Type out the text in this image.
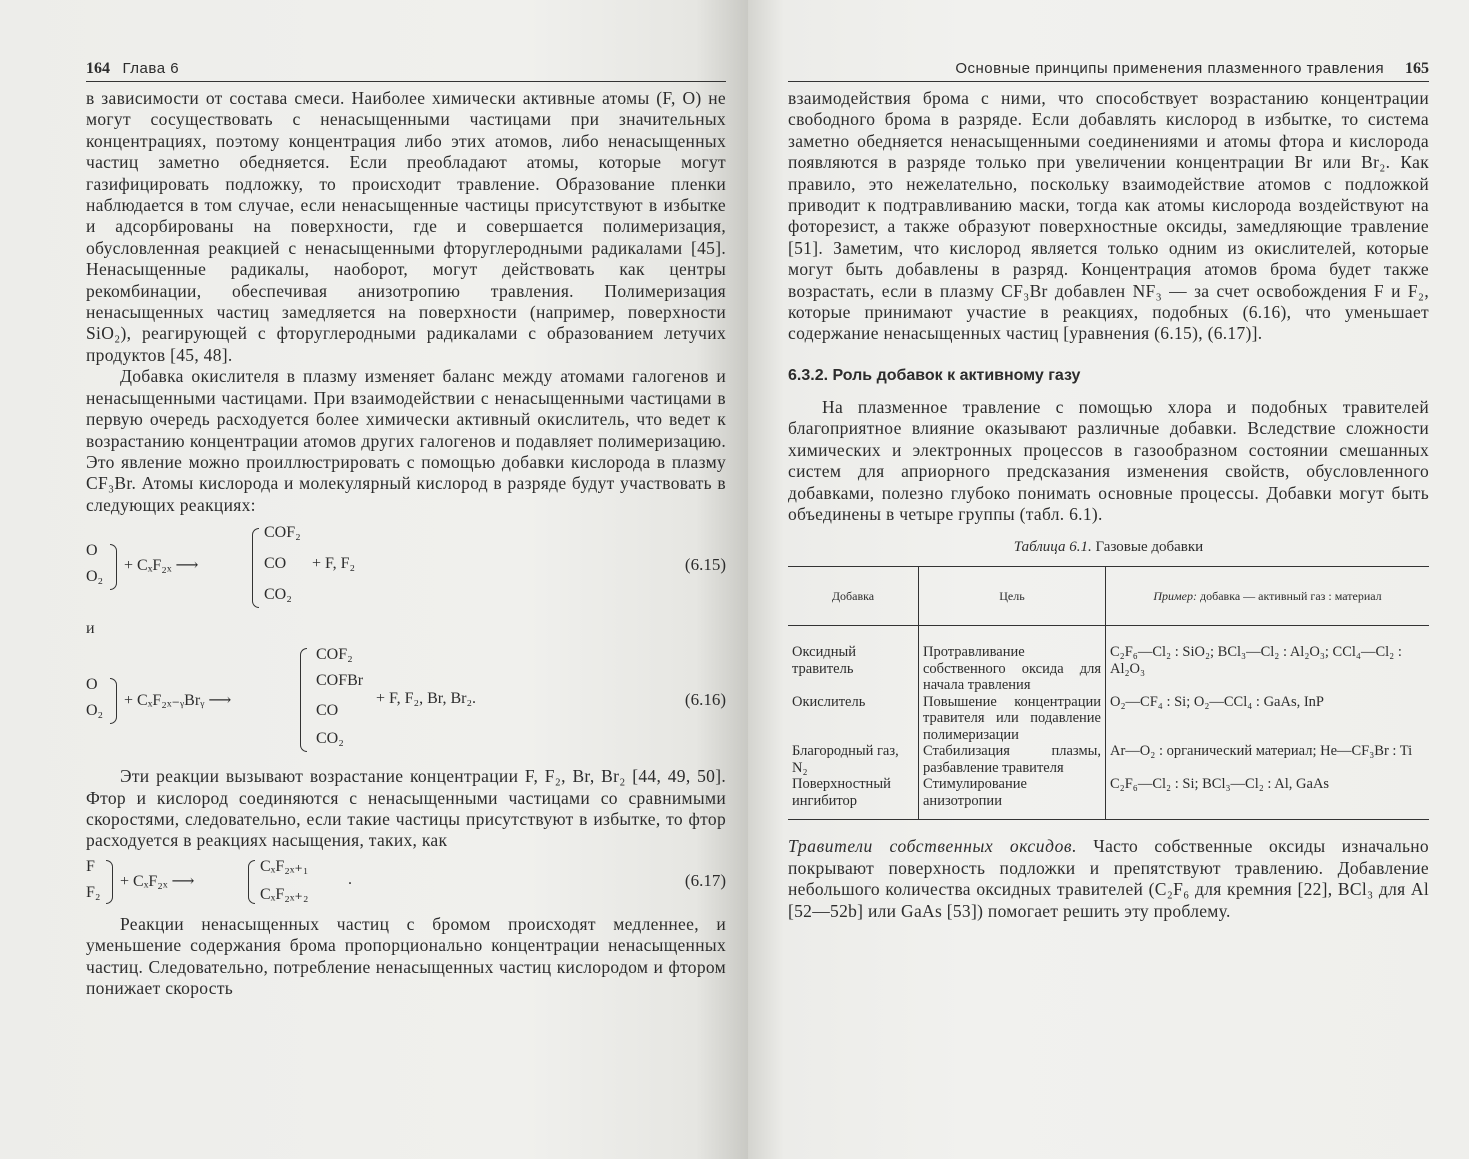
164 Глава 6

в зависимости от состава смеси. Наиболее химически активные атомы (F, O) не могут сосуществовать с ненасыщенными частицами при значительных концентрациях, поэтому концентрация либо этих атомов, либо ненасыщенных частиц заметно обедняется. Если преобладают атомы, которые могут газифицировать подложку, то происходит травление. Образование пленки наблюдается в том случае, если ненасыщенные частицы присутствуют в избытке и адсорбированы на поверхности, где и совершается полимеризация, обусловленная реакцией с ненасыщенными фторуглеродными радикалами [45]. Ненасыщенные радикалы, наоборот, могут действовать как центры рекомбинации, обеспечивая анизотропию травления. Полимеризация ненасыщенных частиц замедляется на поверхности (например, поверхности SiO₂), реагирующей с фторуглеродными радикалами с образованием летучих продуктов [45, 48].

Добавка окислителя в плазму изменяет баланс между атомами галогенов и ненасыщенными частицами. При взаимодействии с ненасыщенными частицами в первую очередь расходуется более химически активный окислитель, что ведет к возрастанию концентрации атомов других галогенов и подавляет полимеризацию. Это явление можно проиллюстрировать с помощью добавки кислорода в плазму CF₃Br. Атомы кислорода и молекулярный кислород в разряде будут участвовать в следующих реакциях:

O
O₂
+ CₓF₂ₓ ⟶
COF₂
CO
CO₂
+ F, F₂	(6.15)
и
O
O₂
+ CₓF₂ₓ₋ᵧBrᵧ ⟶
COF₂
COFBr
CO
CO₂
+ F, F₂, Br, Br₂.	(6.16)

Эти реакции вызывают возрастание концентрации F, F₂, Br, Br₂ [44, 49, 50]. Фтор и кислород соединяются с ненасыщенными частицами со сравнимыми скоростями, следовательно, если такие частицы присутствуют в избытке, то фтор расходуется в реакциях насыщения, таких, как

F
F₂
+ CₓF₂ₓ ⟶
CₓF₂ₓ₊₁
CₓF₂ₓ₊₂
.	(6.17)

Реакции ненасыщенных частиц с бромом происходят медленнее, и уменьшение содержания брома пропорционально концентрации ненасыщенных частиц. Следовательно, потребление ненасыщенных частиц кислородом и фтором понижает скорость

Основные принципы применения плазменного травления 165

взаимодействия брома с ними, что способствует возрастанию концентрации свободного брома в разряде. Если добавлять кислород в избытке, то система заметно обедняется ненасыщенными соединениями и атомы фтора и кислорода появляются в разряде только при увеличении концентрации Br или Br₂. Как правило, это нежелательно, поскольку взаимодействие атомов с подложкой приводит к подтравливанию маски, тогда как атомы кислорода воздействуют на фоторезист, а также образуют поверхностные оксиды, замедляющие травление [51]. Заметим, что кислород является только одним из окислителей, которые могут быть добавлены в разряд. Концентрация атомов брома будет также возрастать, если в плазму CF₃Br добавлен NF₃ — за счет освобождения F и F₂, которые принимают участие в реакциях, подобных (6.16), что уменьшает содержание ненасыщенных частиц [уравнения (6.15), (6.17)].

6.3.2. Роль добавок к активному газу

На плазменное травление с помощью хлора и подобных травителей благоприятное влияние оказывают различные добавки. Вследствие сложности химических и электронных процессов в газообразном состоянии смешанных систем для априорного предсказания изменения свойств, обусловленного добавками, полезно глубоко понимать основные процессы. Добавки могут быть объединены в четыре группы (табл. 6.1).

Таблица 6.1. Газовые добавки
Добавка	Цель	Пример: добавка — активный газ : материал
Оксидный травитель	Протравливание собственного оксида для начала травления	C₂F₆—Cl₂ : SiO₂; BCl₃—Cl₂ : Al₂O₃; CCl₄—Cl₂ : Al₂O₃
Окислитель	Повышение концентрации травителя или подавление полимеризации	O₂—CF₄ : Si; O₂—CCl₄ : GaAs, InP
Благородный газ, N₂	Стабилизация плазмы, разбавление травителя	Ar—O₂ : органический материал; He—CF₃Br : Ti
Поверхностный ингибитор	Стимулирование анизотропии	C₂F₆—Cl₂ : Si; BCl₃—Cl₂ : Al, GaAs

Травители собственных оксидов. Часто собственные оксиды изначально покрывают поверхность подложки и препятствуют травлению. Добавление небольшого количества оксидных травителей (C₂F₆ для кремния [22], BCl₃ для Al [52—52b] или GaAs [53]) помогает решить эту проблему.
